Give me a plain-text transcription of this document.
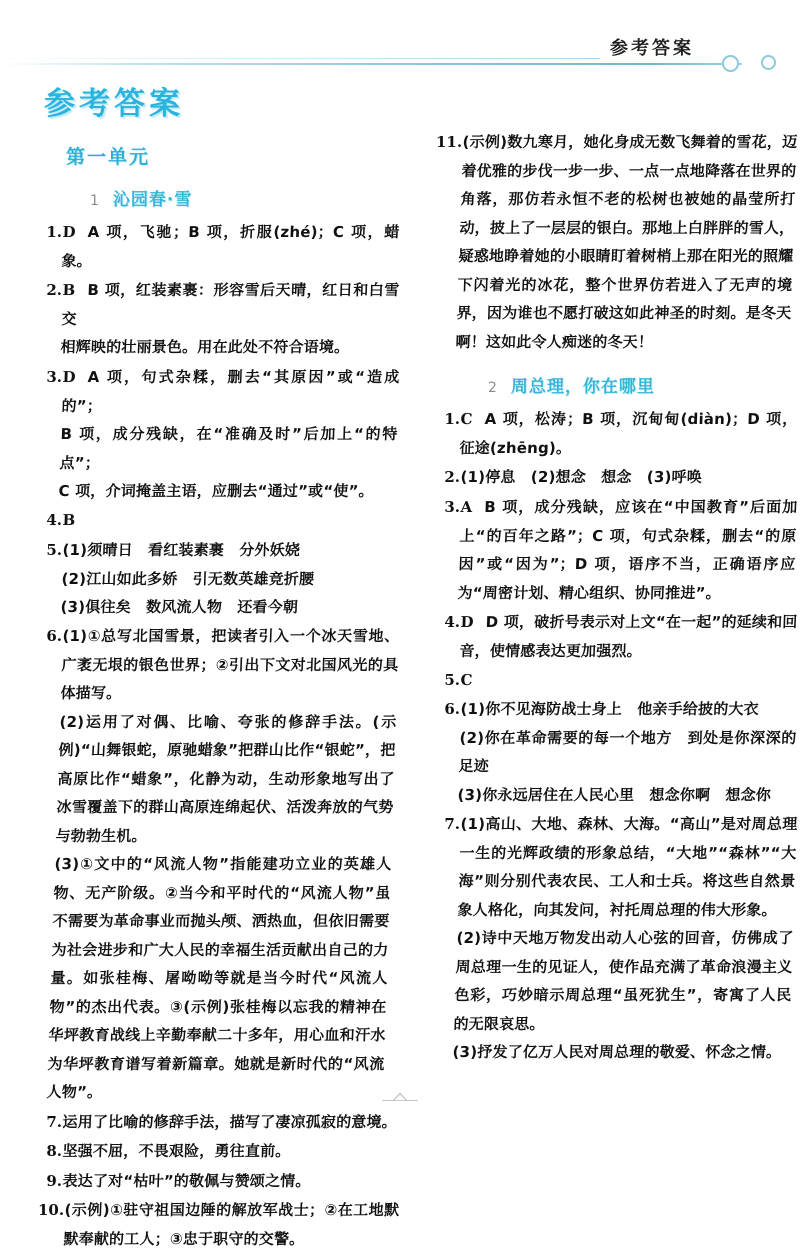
参考答案
参考答案
第一单元
1 沁园春·雪
1. D A 项，飞驰；B 项，折服(zhé)；C 项，蜡象。
2. B B 项，红装素裹：形容雪后天晴，红日和白雪交
相辉映的壮丽景色。用在此处不符合语境。
3. D A 项，句式杂糅，删去“其原因”或“造成的”；
B 项，成分残缺，在“准确及时”后加上“的特点”；
C 项，介词掩盖主语，应删去“通过”或“使”。
4. B
5. (1)须晴日　看红装素裹　分外妖娆
(2)江山如此多娇　引无数英雄竞折腰
(3)俱往矣　数风流人物　还看今朝
6. (1)①总写北国雪景，把读者引入一个冰天雪地、广袤无垠的银色世界；②引出下文对北国风光的具体描写。
(2)运用了对偶、比喻、夸张的修辞手法。(示例)“山舞银蛇，原驰蜡象”把群山比作“银蛇”，把高原比作“蜡象”，化静为动，生动形象地写出了冰雪覆盖下的群山高原连绵起伏、活泼奔放的气势与勃勃生机。
(3)①文中的“风流人物”指能建功立业的英雄人物、无产阶级。②当今和平时代的“风流人物”虽不需要为革命事业而抛头颅、洒热血，但依旧需要为社会进步和广大人民的幸福生活贡献出自己的力量。如张桂梅、屠呦呦等就是当今时代“风流人物”的杰出代表。③(示例)张桂梅以忘我的精神在华坪教育战线上辛勤奉献二十多年，用心血和汗水为华坪教育谱写着新篇章。她就是新时代的“风流人物”。
7. 运用了比喻的修辞手法，描写了凄凉孤寂的意境。
8. 坚强不屈，不畏艰险，勇往直前。
9. 表达了对“枯叶”的敬佩与赞颂之情。
10. (示例)①驻守祖国边陲的解放军战士；②在工地默默奉献的工人；③忠于职守的交警。
11. (示例)数九寒月，她化身成无数飞舞着的雪花，迈着优雅的步伐一步一步、一点一点地降落在世界的角落，那仿若永恒不老的松树也被她的晶莹所打动，披上了一层层的银白。那地上白胖胖的雪人，疑惑地睁着她的小眼睛盯着树梢上那在阳光的照耀下闪着光的冰花，整个世界仿若进入了无声的境界，因为谁也不愿打破这如此神圣的时刻。是冬天啊！这如此令人痴迷的冬天！
2 周总理，你在哪里
1. C A 项，松涛；B 项，沉甸甸(diàn)；D 项，征途(zhēng)。
2. (1)停息　(2)想念　想念　(3)呼唤
3. A B 项，成分残缺，应该在“中国教育”后面加上“的百年之路”；C 项，句式杂糅，删去“的原因”或“因为”；D 项，语序不当，正确语序应为“周密计划、精心组织、协同推进”。
4. D D 项，破折号表示对上文“在一起”的延续和回音，使情感表达更加强烈。
5. C
6. (1)你不见海防战士身上　他亲手给披的大衣
(2)你在革命需要的每一个地方　到处是你深深的足迹
(3)你永远居住在人民心里　想念你啊　想念你
7. (1)高山、大地、森林、大海。“高山”是对周总理一生的光辉政绩的形象总结，“大地”“森林”“大海”则分别代表农民、工人和士兵。将这些自然景象人格化，向其发问，衬托周总理的伟大形象。
(2)诗中天地万物发出动人心弦的回音，仿佛成了周总理一生的见证人，使作品充满了革命浪漫主义色彩，巧妙暗示周总理“虽死犹生”，寄寓了人民的无限哀思。
(3)抒发了亿万人民对周总理的敬爱、怀念之情。
